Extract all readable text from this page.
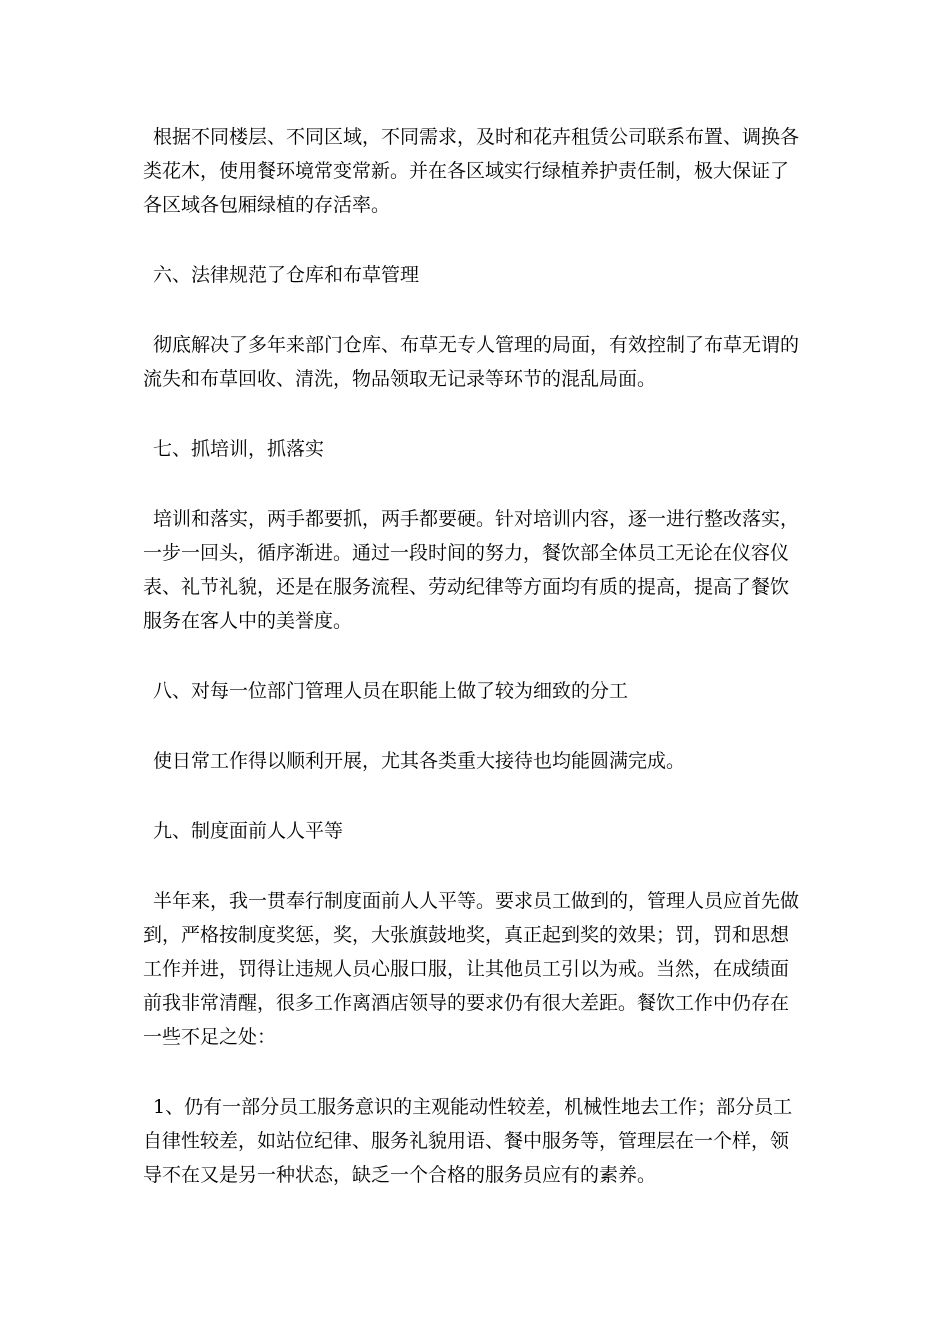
根据不同楼层、不同区域，不同需求，及时和花卉租赁公司联系布置、调换各类花木，使用餐环境常变常新。并在各区域实行绿植养护责任制，极大保证了各区域各包厢绿植的存活率。

六、法律规范了仓库和布草管理

彻底解决了多年来部门仓库、布草无专人管理的局面，有效控制了布草无谓的流失和布草回收、清洗，物品领取无记录等环节的混乱局面。

七、抓培训，抓落实

培训和落实，两手都要抓，两手都要硬。针对培训内容，逐一进行整改落实，一步一回头，循序渐进。通过一段时间的努力，餐饮部全体员工无论在仪容仪表、礼节礼貌，还是在服务流程、劳动纪律等方面均有质的提高，提高了餐饮服务在客人中的美誉度。

八、对每一位部门管理人员在职能上做了较为细致的分工

使日常工作得以顺利开展，尤其各类重大接待也均能圆满完成。

九、制度面前人人平等

半年来，我一贯奉行制度面前人人平等。要求员工做到的，管理人员应首先做到，严格按制度奖惩，奖，大张旗鼓地奖，真正起到奖的效果；罚，罚和思想工作并进，罚得让违规人员心服口服，让其他员工引以为戒。当然，在成绩面前我非常清醒，很多工作离酒店领导的要求仍有很大差距。餐饮工作中仍存在一些不足之处：

1、仍有一部分员工服务意识的主观能动性较差，机械性地去工作；部分员工自律性较差，如站位纪律、服务礼貌用语、餐中服务等，管理层在一个样，领导不在又是另一种状态，缺乏一个合格的服务员应有的素养。
